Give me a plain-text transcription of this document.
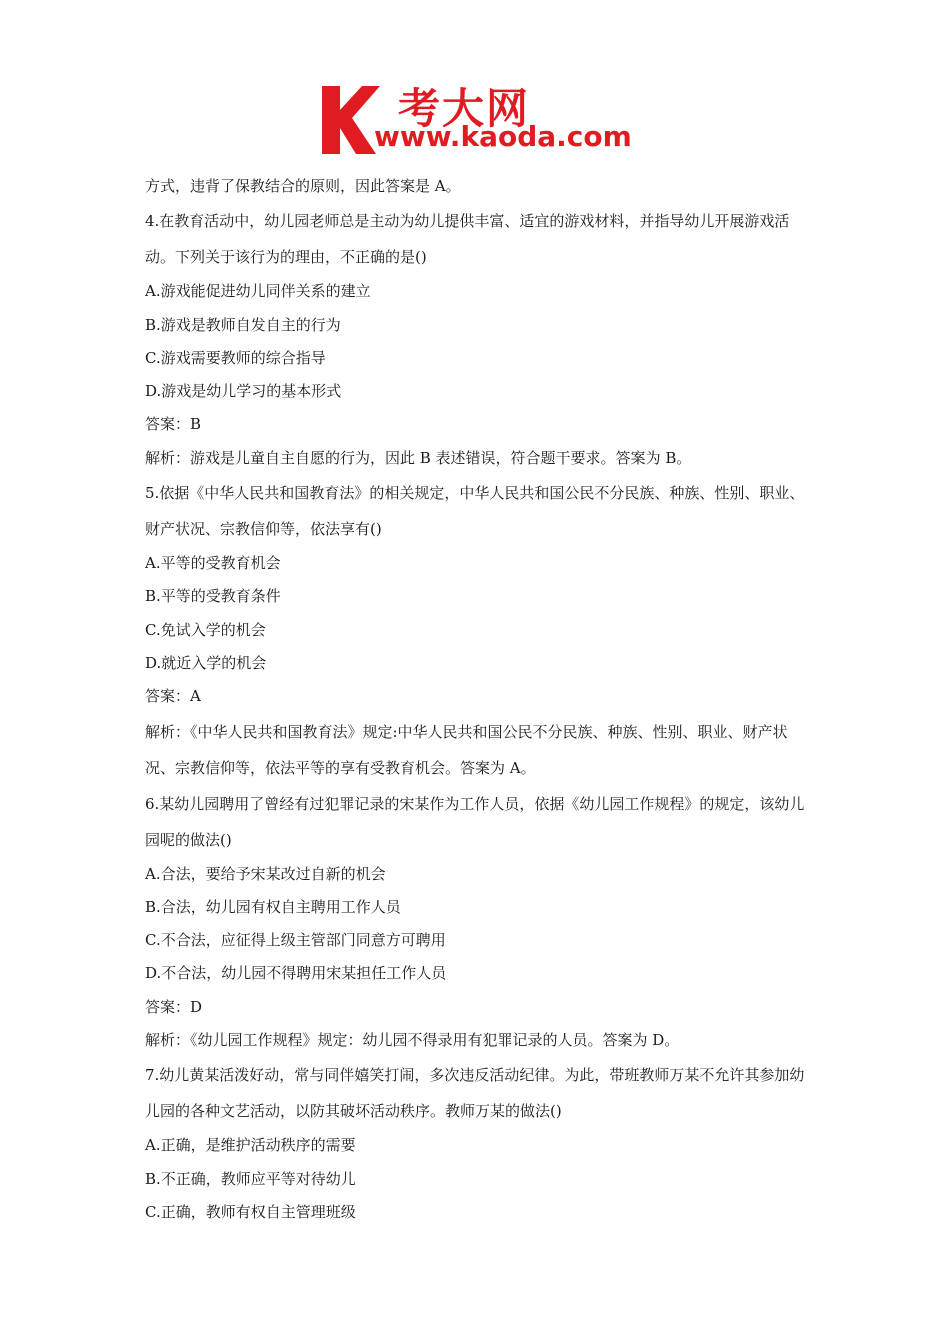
考大网
www.kaoda.com
方式，违背了保教结合的原则，因此答案是 A。
4.在教育活动中，幼儿园老师总是主动为幼儿提供丰富、适宜的游戏材料，并指导幼儿开展游戏活动。下列关于该行为的理由，不正确的是()
A.游戏能促进幼儿同伴关系的建立
B.游戏是教师自发自主的行为
C.游戏需要教师的综合指导
D.游戏是幼儿学习的基本形式
答案：B
解析：游戏是儿童自主自愿的行为，因此 B 表述错误，符合题干要求。答案为 B。
5.依据《中华人民共和国教育法》的相关规定，中华人民共和国公民不分民族、种族、性别、职业、财产状况、宗教信仰等，依法享有()
A.平等的受教育机会
B.平等的受教育条件
C.免试入学的机会
D.就近入学的机会
答案：A
解析：《中华人民共和国教育法》规定:中华人民共和国公民不分民族、种族、性别、职业、财产状况、宗教信仰等，依法平等的享有受教育机会。答案为 A。
6.某幼儿园聘用了曾经有过犯罪记录的宋某作为工作人员，依据《幼儿园工作规程》的规定，该幼儿园呢的做法()
A.合法，要给予宋某改过自新的机会
B.合法，幼儿园有权自主聘用工作人员
C.不合法，应征得上级主管部门同意方可聘用
D.不合法，幼儿园不得聘用宋某担任工作人员
答案：D
解析：《幼儿园工作规程》规定：幼儿园不得录用有犯罪记录的人员。答案为 D。
7.幼儿黄某活泼好动，常与同伴嬉笑打闹，多次违反活动纪律。为此，带班教师万某不允许其参加幼儿园的各种文艺活动，以防其破坏活动秩序。教师万某的做法()
A.正确，是维护活动秩序的需要
B.不正确，教师应平等对待幼儿
C.正确，教师有权自主管理班级
